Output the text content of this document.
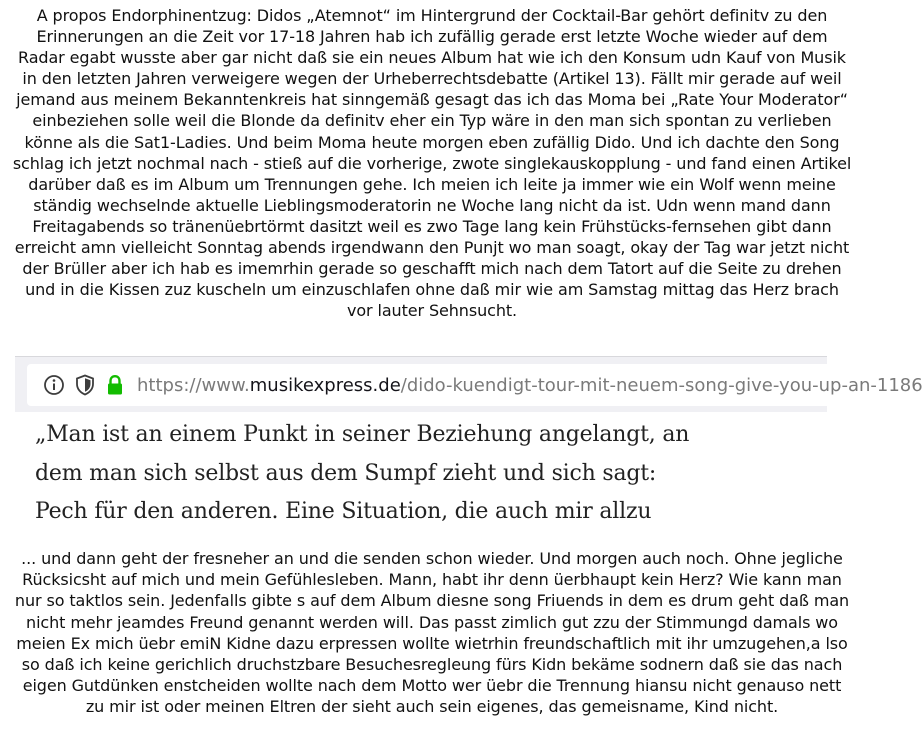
A propos Endorphinentzug: Didos „Atemnot“ im Hintergrund der Cocktail-Bar gehört definitv zu den
Erinnerungen an die Zeit vor 17-18 Jahren hab ich zufällig gerade erst letzte Woche wieder auf dem
Radar egabt wusste aber gar nicht daß sie ein neues Album hat wie ich den Konsum udn Kauf von Musik
in den letzten Jahren verweigere wegen der Urheberrechtsdebatte (Artikel 13). Fällt mir gerade auf weil
jemand aus meinem Bekanntenkreis hat sinngemäß gesagt das ich das Moma bei „Rate Your Moderator“
einbeziehen solle weil die Blonde da definitv eher ein Typ wäre in den man sich spontan zu verlieben
könne als die Sat1-Ladies. Und beim Moma heute morgen eben zufällig Dido. Und ich dachte den Song
schlag ich jetzt nochmal nach - stieß auf die vorherige, zwote singlekauskopplung - und fand einen Artikel
darüber daß es im Album um Trennungen gehe. Ich meien ich leite ja immer wie ein Wolf wenn meine
ständig wechselnde aktuelle Lieblingsmoderatorin ne Woche lang nicht da ist. Udn wenn mand dann
Freitagabends so tränenüebrtörmt dasitzt weil es zwo Tage lang kein Frühstücks-fernsehen gibt dann
erreicht amn vielleicht Sonntag abends irgendwann den Punjt wo man soagt, okay der Tag war jetzt nicht
der Brüller aber ich hab es imemrhin gerade so geschafft mich nach dem Tatort auf die Seite zu drehen
und in die Kissen zuz kuscheln um einzuschlafen ohne daß mir wie am Samstag mittag das Herz brach
vor lauter Sehnsucht.
https://www.musikexpress.de/dido-kuendigt-tour-mit-neuem-song-give-you-up-an-1186
„Man ist an einem Punkt in seiner Beziehung angelangt, an
dem man sich selbst aus dem Sumpf zieht und sich sagt:
Pech für den anderen. Eine Situation, die auch mir allzu
... und dann geht der fresneher an und die senden schon wieder. Und morgen auch noch. Ohne jegliche
Rücksicsht auf mich und mein Gefühlesleben. Mann, habt ihr denn üerbhaupt kein Herz? Wie kann man
nur so taktlos sein. Jedenfalls gibte s auf dem Album diesne song Friuends in dem es drum geht daß man
nicht mehr jeamdes Freund genannt werden will. Das passt zimlich gut zzu der Stimmungd damals wo
meien Ex mich üebr emiN Kidne dazu erpressen wollte wietrhin freundschaftlich mit ihr umzugehen,a lso
so daß ich keine gerichlich druchstzbare Besuchesregleung fürs Kidn bekäme sodnern daß sie das nach
eigen Gutdünken enstcheiden wollte nach dem Motto wer üebr die Trennung hiansu nicht genauso nett
zu mir ist oder meinen Eltren der sieht auch sein eigenes, das gemeisname, Kind nicht.
